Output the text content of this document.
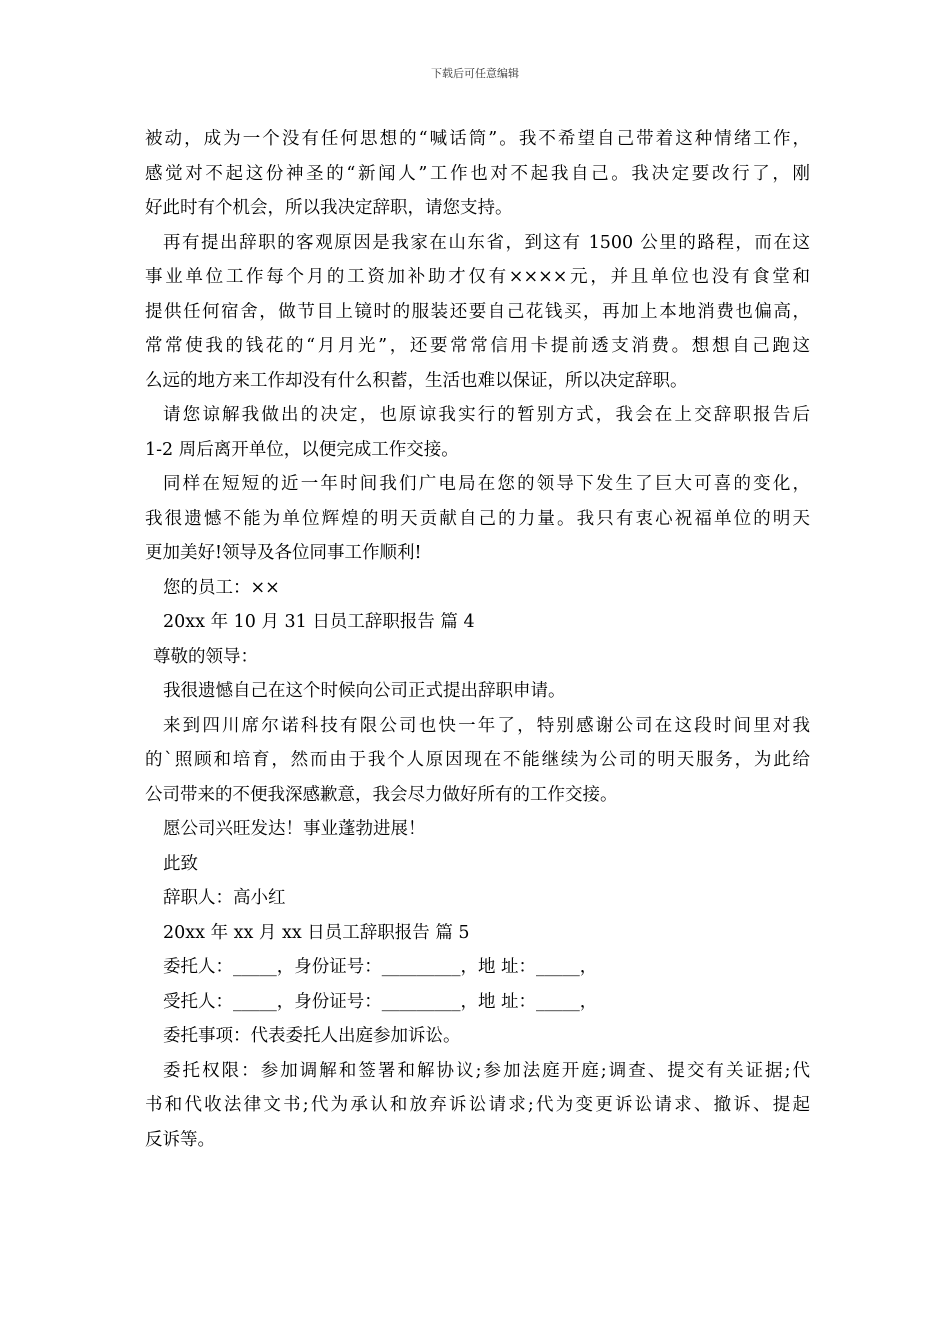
下载后可任意编辑
被动，成为一个没有任何思想的“喊话筒”。我不希望自己带着这种情绪工作，
感觉对不起这份神圣的“新闻人”工作也对不起我自己。我决定要改行了，刚
好此时有个机会，所以我决定辞职，请您支持。
再有提出辞职的客观原因是我家在山东省，到这有 1500 公里的路程，而在这
事业单位工作每个月的工资加补助才仅有××××元，并且单位也没有食堂和
提供任何宿舍，做节目上镜时的服装还要自己花钱买，再加上本地消费也偏高，
常常使我的钱花的“月月光”，还要常常信用卡提前透支消费。想想自己跑这
么远的地方来工作却没有什么积蓄，生活也难以保证，所以决定辞职。
请您谅解我做出的决定，也原谅我实行的暂别方式，我会在上交辞职报告后
1-2 周后离开单位，以便完成工作交接。
同样在短短的近一年时间我们广电局在您的领导下发生了巨大可喜的变化，
我很遗憾不能为单位辉煌的明天贡献自己的力量。我只有衷心祝福单位的明天
更加美好!领导及各位同事工作顺利!
您的员工：××
20xx 年 10 月 31 日员工辞职报告 篇 4
尊敬的领导：
我很遗憾自己在这个时候向公司正式提出辞职申请。
来到四川席尔诺科技有限公司也快一年了，特别感谢公司在这段时间里对我
的`照顾和培育，然而由于我个人原因现在不能继续为公司的明天服务，为此给
公司带来的不便我深感歉意，我会尽力做好所有的工作交接。
愿公司兴旺发达！事业蓬勃进展！
此致
辞职人：高小红
20xx 年 xx 月 xx 日员工辞职报告 篇 5
委托人：_____，身份证号：_________，地 址：_____，
受托人：_____，身份证号：_________，地 址：_____，
委托事项：代表委托人出庭参加诉讼。
委托权限：参加调解和签署和解协议;参加法庭开庭;调查、提交有关证据;代
书和代收法律文书;代为承认和放弃诉讼请求;代为变更诉讼请求、撤诉、提起
反诉等。
